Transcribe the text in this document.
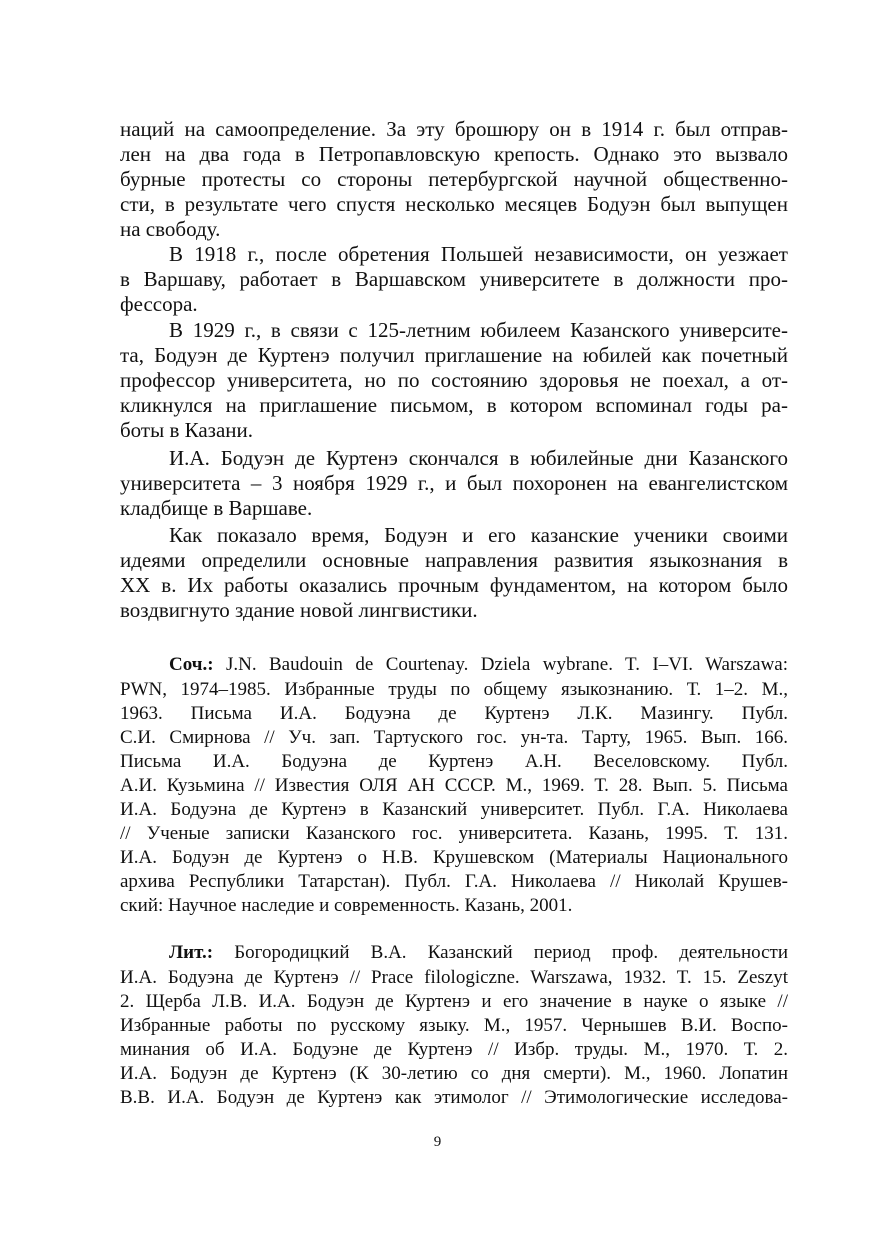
наций на самоопределение. За эту брошюру он в 1914 г. был отправ-
лен на два года в Петропавловскую крепость. Однако это вызвало
бурные протесты со стороны петербургской научной общественно-
сти, в результате чего спустя несколько месяцев Бодуэн был выпущен
на свободу.
В 1918 г., после обретения Польшей независимости, он уезжает
в Варшаву, работает в Варшавском университете в должности про-
фессора.
В 1929 г., в связи с 125-летним юбилеем Казанского университе-
та, Бодуэн де Куртенэ получил приглашение на юбилей как почетный
профессор университета, но по состоянию здоровья не поехал, а от-
кликнулся на приглашение письмом, в котором вспоминал годы ра-
боты в Казани.
И.А. Бодуэн де Куртенэ скончался в юбилейные дни Казанского
университета – 3 ноября 1929 г., и был похоронен на евангелистском
кладбище в Варшаве.
Как показало время, Бодуэн и его казанские ученики своими
идеями определили основные направления развития языкознания в
XX в. Их работы оказались прочным фундаментом, на котором было
воздвигнуто здание новой лингвистики.
Соч.: J.N. Baudouin de Courtenay. Dziela wybrane. T. I–VI. Warszawa:
PWN, 1974–1985. Избранные труды по общему языкознанию. Т. 1–2. М.,
1963. Письма И.А. Бодуэна де Куртенэ Л.К. Мазингу. Публ.
С.И. Смирнова // Уч. зап. Тартуского гос. ун-та. Тарту, 1965. Вып. 166.
Письма И.А. Бодуэна де Куртенэ А.Н. Веселовскому. Публ.
А.И. Кузьмина // Известия ОЛЯ АН СССР. М., 1969. Т. 28. Вып. 5. Письма
И.А. Бодуэна де Куртенэ в Казанский университет. Публ. Г.А. Николаева
// Ученые записки Казанского гос. университета. Казань, 1995. Т. 131.
И.А. Бодуэн де Куртенэ о Н.В. Крушевском (Материалы Национального
архива Республики Татарстан). Публ. Г.А. Николаева // Николай Крушев-
ский: Научное наследие и современность. Казань, 2001.
Лит.: Богородицкий В.А. Казанский период проф. деятельности
И.А. Бодуэна де Куртенэ // Prace filologiczne. Warszawa, 1932. T. 15. Zeszyt
2. Щерба Л.В. И.А. Бодуэн де Куртенэ и его значение в науке о языке //
Избранные работы по русскому языку. М., 1957. Чернышев В.И. Воспо-
минания об И.А. Бодуэне де Куртенэ // Избр. труды. М., 1970. Т. 2.
И.А. Бодуэн де Куртенэ (К 30-летию со дня смерти). М., 1960. Лопатин
В.В. И.А. Бодуэн де Куртенэ как этимолог // Этимологические исследова-
9
